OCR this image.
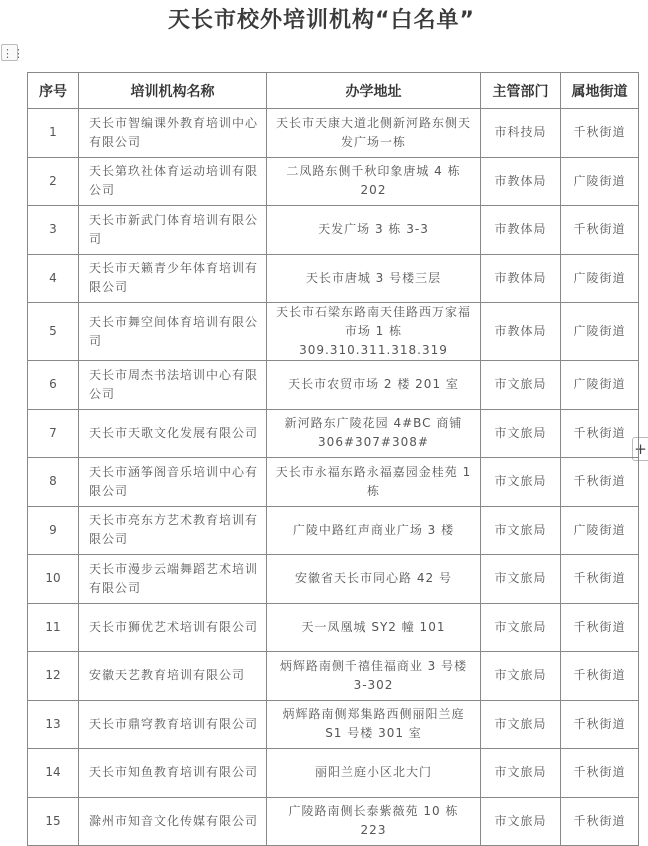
天长市校外培训机构“白名单”
⋮⋮
+
序号	培训机构名称	办学地址	主管部门	属地街道
1	天长市智编课外教育培训中心有限公司	天长市天康大道北侧新河路东侧天发广场一栋	市科技局	千秋街道
2	天长第玖社体育运动培训有限公司	二凤路东侧千秋印象唐城 4 栋 202	市教体局	广陵街道
3	天长市新武门体育培训有限公司	天发广场 3 栋 3-3	市教体局	千秋街道
4	天长市天籁青少年体育培训有限公司	天长市唐城 3 号楼三层	市教体局	广陵街道
5	天长市舞空间体育培训有限公司	天长市石梁东路南天佳路西万家福市场 1 栋 309.310.311.318.319	市教体局	广陵街道
6	天长市周杰书法培训中心有限公司	天长市农贸市场 2 楼 201 室	市文旅局	广陵街道
7	天长市天歌文化发展有限公司	新河路东广陵花园 4#BC 商铺 306#307#308#	市文旅局	千秋街道
8	天长市涵筝阁音乐培训中心有限公司	天长市永福东路永福嘉园金桂苑 1 栋	市文旅局	千秋街道
9	天长市亮东方艺术教育培训有限公司	广陵中路红声商业广场 3 楼	市文旅局	广陵街道
10	天长市漫步云端舞蹈艺术培训有限公司	安徽省天长市同心路 42 号	市文旅局	千秋街道
11	天长市狮优艺术培训有限公司	天一凤凰城 SY2 幢 101	市文旅局	千秋街道
12	安徽天艺教育培训有限公司	炳辉路南侧千禧佳福商业 3 号楼 3-302	市文旅局	千秋街道
13	天长市鼎穹教育培训有限公司	炳辉路南侧郑集路西侧丽阳兰庭 S1 号楼 301 室	市文旅局	千秋街道
14	天长市知鱼教育培训有限公司	丽阳兰庭小区北大门	市文旅局	千秋街道
15	滁州市知音文化传媒有限公司	广陵路南侧长泰紫薇苑 10 栋 223	市文旅局	千秋街道
